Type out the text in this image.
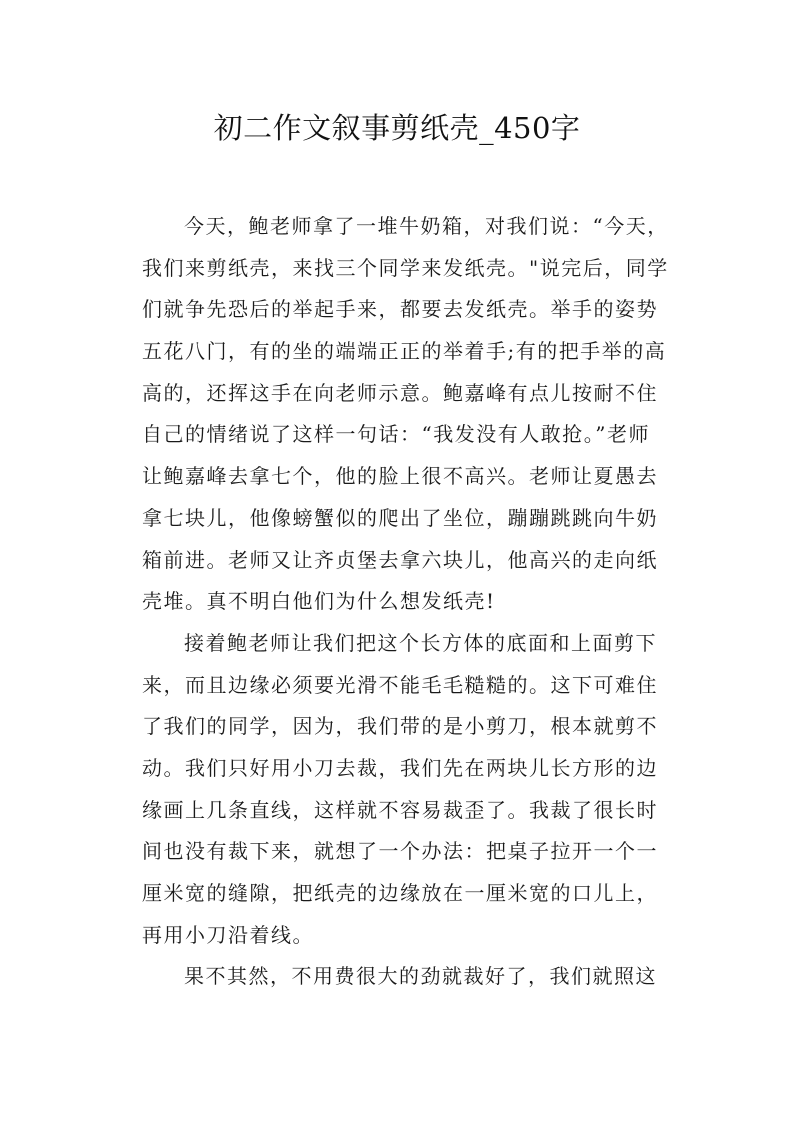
初二作文叙事剪纸壳_450字
今天，鲍老师拿了一堆牛奶箱，对我们说：“今天，
我们来剪纸壳，来找三个同学来发纸壳。"说完后，同学
们就争先恐后的举起手来，都要去发纸壳。举手的姿势
五花八门，有的坐的端端正正的举着手;有的把手举的高
高的，还挥这手在向老师示意。鲍嘉峰有点儿按耐不住
自己的情绪说了这样一句话：“我发没有人敢抢。”老师
让鲍嘉峰去拿七个，他的脸上很不高兴。老师让夏愚去
拿七块儿，他像螃蟹似的爬出了坐位，蹦蹦跳跳向牛奶
箱前进。老师又让齐贞堡去拿六块儿，他高兴的走向纸
壳堆。真不明白他们为什么想发纸壳!
接着鲍老师让我们把这个长方体的底面和上面剪下
来，而且边缘必须要光滑不能毛毛糙糙的。这下可难住
了我们的同学，因为，我们带的是小剪刀，根本就剪不
动。我们只好用小刀去裁，我们先在两块儿长方形的边
缘画上几条直线，这样就不容易裁歪了。我裁了很长时
间也没有裁下来，就想了一个办法：把桌子拉开一个一
厘米宽的缝隙，把纸壳的边缘放在一厘米宽的口儿上，
再用小刀沿着线。
果不其然，不用费很大的劲就裁好了，我们就照这
